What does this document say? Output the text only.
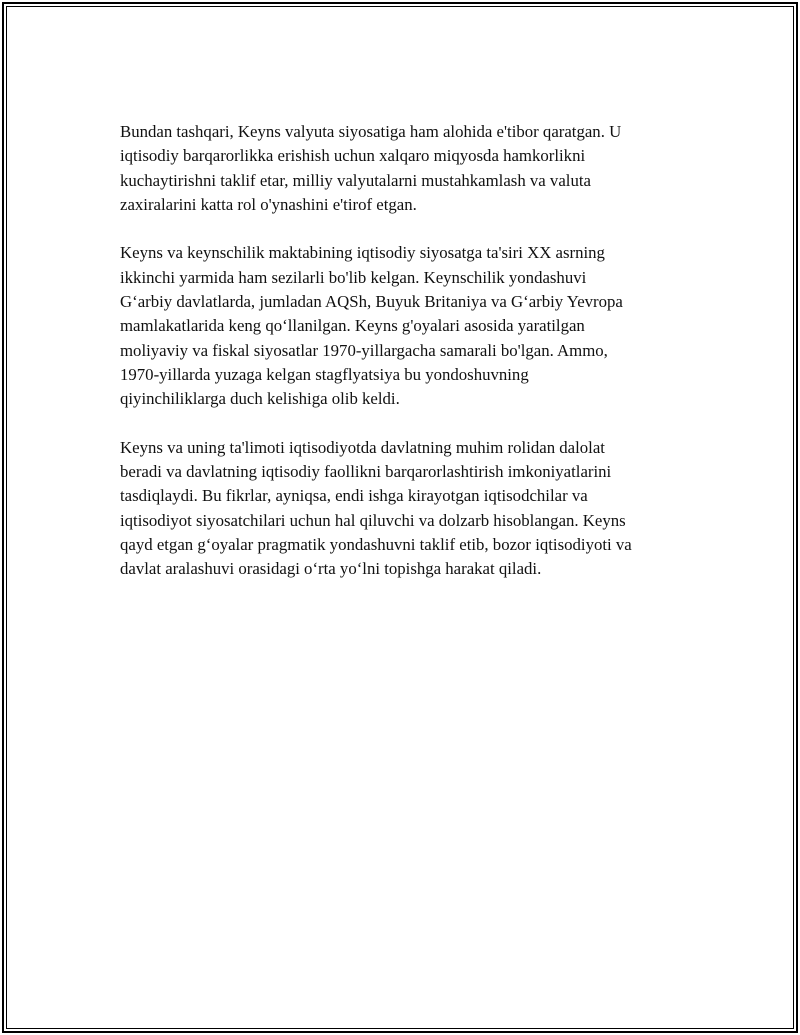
Bundan tashqari, Keyns valyuta siyosatiga ham alohida e'tibor qaratgan. U
iqtisodiy barqarorlikka erishish uchun xalqaro miqyosda hamkorlikni
kuchaytirishni taklif etar, milliy valyutalarni mustahkamlash va valuta
zaxiralarini katta rol o'ynashini e'tirof etgan.

Keyns va keynschilik maktabining iqtisodiy siyosatga ta'siri XX asrning
ikkinchi yarmida ham sezilarli bo'lib kelgan. Keynschilik yondashuvi
G‘arbiy davlatlarda, jumladan AQSh, Buyuk Britaniya va G‘arbiy Yevropa
mamlakatlarida keng qo‘llanilgan. Keyns g'oyalari asosida yaratilgan
moliyaviy va fiskal siyosatlar 1970-yillargacha samarali bo'lgan. Ammo,
1970-yillarda yuzaga kelgan stagflyatsiya bu yondoshuvning
qiyinchiliklarga duch kelishiga olib keldi.

Keyns va uning ta'limoti iqtisodiyotda davlatning muhim rolidan dalolat
beradi va davlatning iqtisodiy faollikni barqarorlashtirish imkoniyatlarini
tasdiqlaydi. Bu fikrlar, ayniqsa, endi ishga kirayotgan iqtisodchilar va
iqtisodiyot siyosatchilari uchun hal qiluvchi va dolzarb hisoblangan. Keyns
qayd etgan g‘oyalar pragmatik yondashuvni taklif etib, bozor iqtisodiyoti va
davlat aralashuvi orasidagi o‘rta yo‘lni topishga harakat qiladi.
